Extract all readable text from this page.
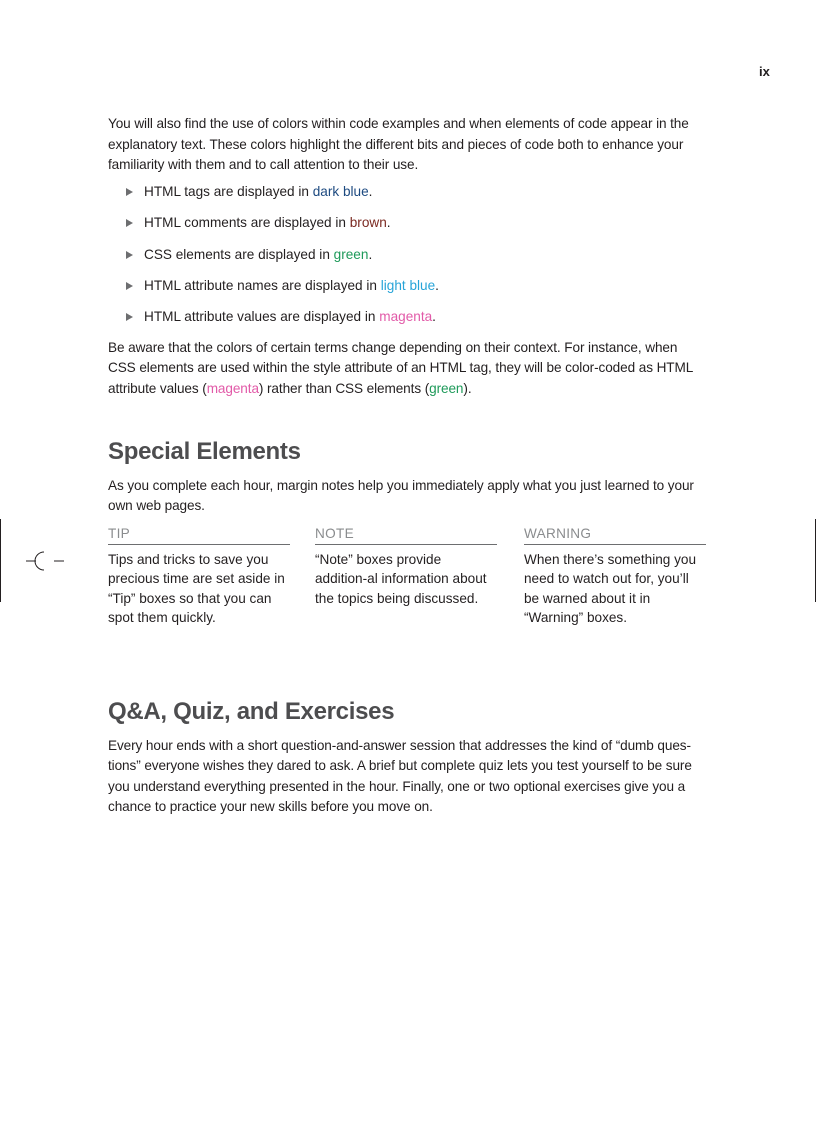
ix

You will also find the use of colors within code examples and when elements of code appear in the explanatory text. These colors highlight the different bits and pieces of code both to enhance your familiarity with them and to call attention to their use.

HTML tags are displayed in dark blue.
HTML comments are displayed in brown.
CSS elements are displayed in green.
HTML attribute names are displayed in light blue.
HTML attribute values are displayed in magenta.

Be aware that the colors of certain terms change depending on their context. For instance, when CSS elements are used within the style attribute of an HTML tag, they will be color-coded as HTML attribute values (magenta) rather than CSS elements (green).

Special Elements

As you complete each hour, margin notes help you immediately apply what you just learned to your own web pages.

TIP
Tips and tricks to save you precious time are set aside in “Tip” boxes so that you can spot them quickly.
NOTE
“Note” boxes provide addition-al information about the topics being discussed.
WARNING
When there’s something you need to watch out for, you’ll be warned about it in “Warning” boxes.
Q&A, Quiz, and Exercises

Every hour ends with a short question-and-answer session that addresses the kind of “dumb ques-tions” everyone wishes they dared to ask. A brief but complete quiz lets you test yourself to be sure you understand everything presented in the hour. Finally, one or two optional exercises give you a chance to practice your new skills before you move on.
